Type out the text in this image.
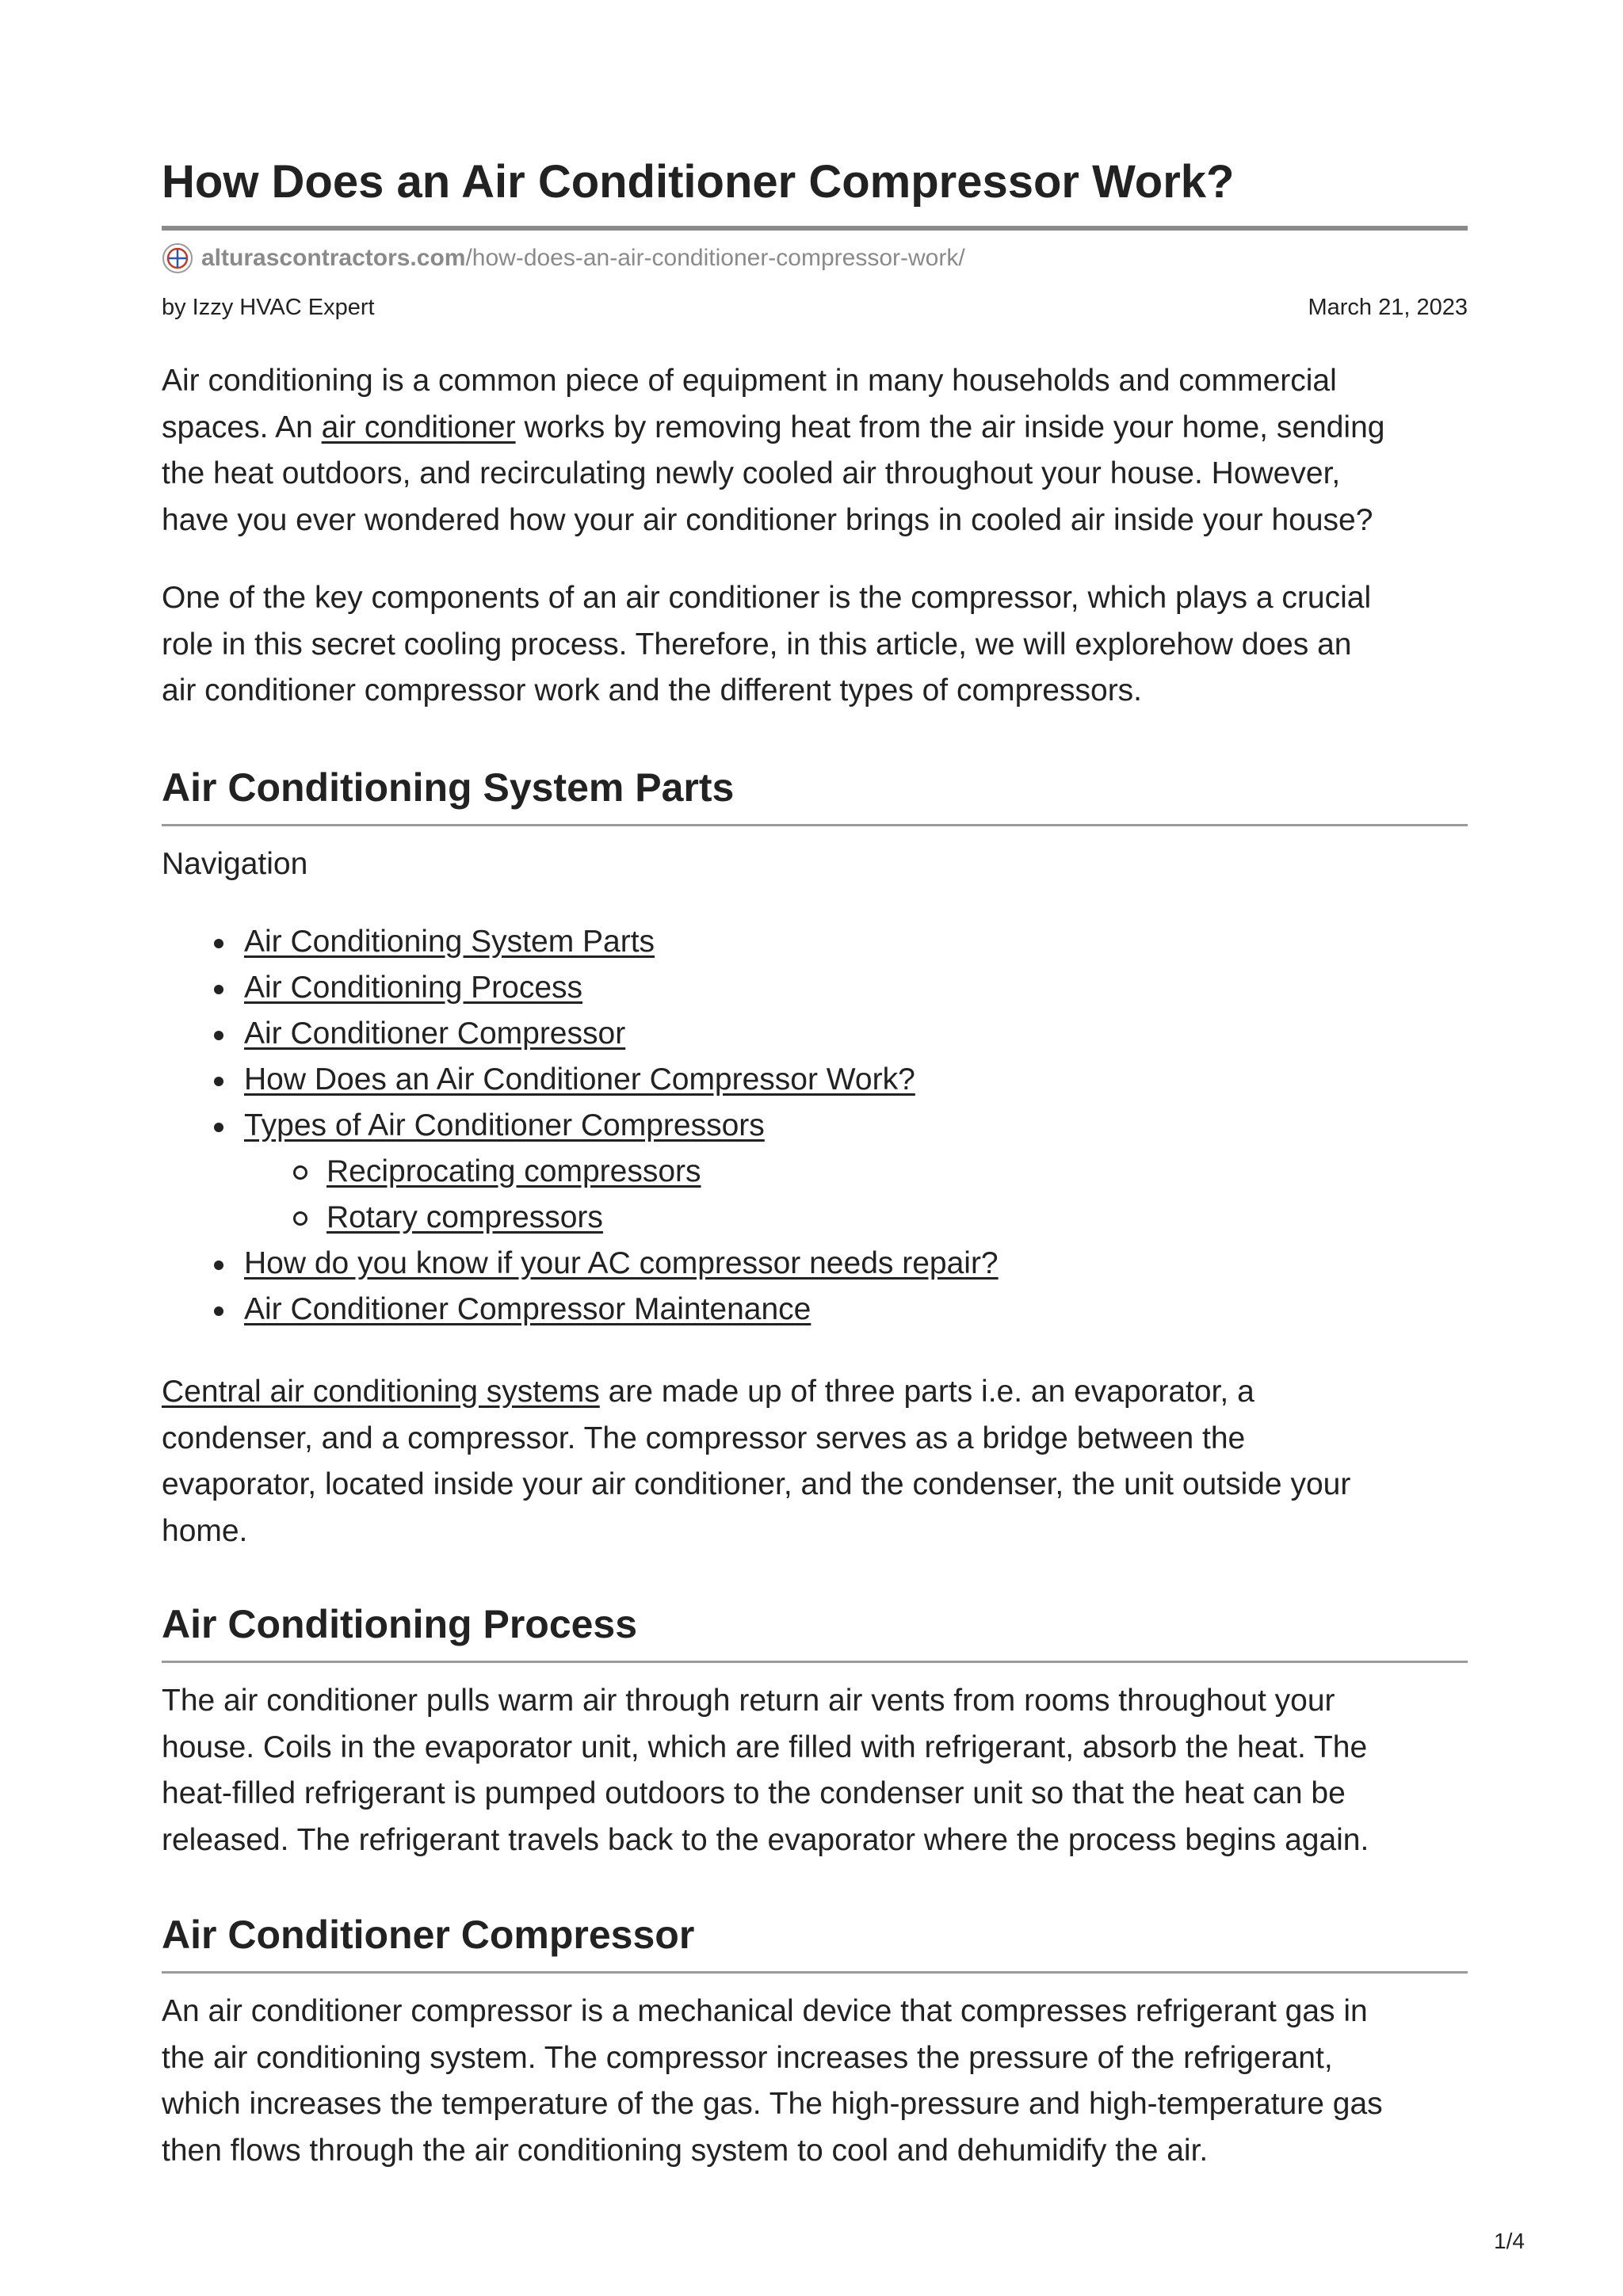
How Does an Air Conditioner Compressor Work?
alturascontractors.com /how-does-an-air-conditioner-compressor-work/
by Izzy HVAC Expert	March 21, 2023

Air conditioning is a common piece of equipment in many households and commercial
spaces. An air conditioner works by removing heat from the air inside your home, sending
the heat outdoors, and recirculating newly cooled air throughout your house. However,
have you ever wondered how your air conditioner brings in cooled air inside your house?

One of the key components of an air conditioner is the compressor, which plays a crucial
role in this secret cooling process. Therefore, in this article, we will explorehow does an
air conditioner compressor work and the different types of compressors.

Air Conditioning System Parts
Navigation
Air Conditioning System Parts
Air Conditioning Process
Air Conditioner Compressor
How Does an Air Conditioner Compressor Work?
Types of Air Conditioner Compressors
Reciprocating compressors
Rotary compressors
How do you know if your AC compressor needs repair?
Air Conditioner Compressor Maintenance

Central air conditioning systems are made up of three parts i.e. an evaporator, a
condenser, and a compressor. The compressor serves as a bridge between the
evaporator, located inside your air conditioner, and the condenser, the unit outside your
home.

Air Conditioning Process

The air conditioner pulls warm air through return air vents from rooms throughout your
house. Coils in the evaporator unit, which are filled with refrigerant, absorb the heat. The
heat-filled refrigerant is pumped outdoors to the condenser unit so that the heat can be
released. The refrigerant travels back to the evaporator where the process begins again.

Air Conditioner Compressor

An air conditioner compressor is a mechanical device that compresses refrigerant gas in
the air conditioning system. The compressor increases the pressure of the refrigerant,
which increases the temperature of the gas. The high-pressure and high-temperature gas
then flows through the air conditioning system to cool and dehumidify the air.

1/4
